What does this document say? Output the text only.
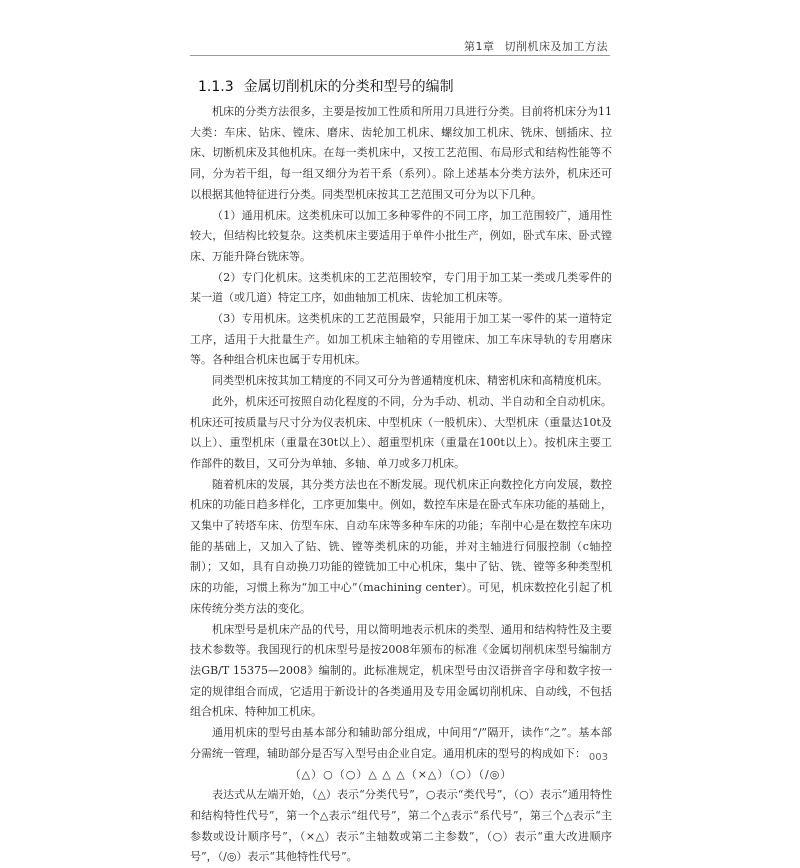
第1章 切削机床及加工方法
1.1.3 金属切削机床的分类和型号的编制

机床的分类方法很多，主要是按加工性质和所用刀具进行分类。目前将机床分为11大类：车床、钻床、镗床、磨床、齿轮加工机床、螺纹加工机床、铣床、刨插床、拉床、切断机床及其他机床。在每一类机床中，又按工艺范围、布局形式和结构性能等不同，分为若干组，每一组又细分为若干系（系列）。除上述基本分类方法外，机床还可以根据其他特征进行分类。同类型机床按其工艺范围又可分为以下几种。

（1）通用机床。这类机床可以加工多种零件的不同工序，加工范围较广，通用性较大，但结构比较复杂。这类机床主要适用于单件小批生产，例如，卧式车床、卧式镗床、万能升降台铣床等。

（2）专门化机床。这类机床的工艺范围较窄，专门用于加工某一类或几类零件的某一道（或几道）特定工序，如曲轴加工机床、齿轮加工机床等。

（3）专用机床。这类机床的工艺范围最窄，只能用于加工某一零件的某一道特定工序，适用于大批量生产。如加工机床主轴箱的专用镗床、加工车床导轨的专用磨床等。各种组合机床也属于专用机床。

同类型机床按其加工精度的不同又可分为普通精度机床、精密机床和高精度机床。

此外，机床还可按照自动化程度的不同，分为手动、机动、半自动和全自动机床。机床还可按质量与尺寸分为仪表机床、中型机床（一般机床）、大型机床（重量达10t及以上）、重型机床（重量在30t以上）、超重型机床（重量在100t以上）。按机床主要工作部件的数目，又可分为单轴、多轴、单刀或多刀机床。

随着机床的发展，其分类方法也在不断发展。现代机床正向数控化方向发展，数控机床的功能日趋多样化，工序更加集中。例如，数控车床是在卧式车床功能的基础上，又集中了转塔车床、仿型车床、自动车床等多种车床的功能；车削中心是在数控车床功能的基础上，又加入了钻、铣、镗等类机床的功能，并对主轴进行伺服控制（c轴控制）；又如，具有自动换刀功能的镗铣加工中心机床，集中了钻、铣、镗等多种类型机床的功能，习惯上称为“加工中心”（machining center）。可见，机床数控化引起了机床传统分类方法的变化。

机床型号是机床产品的代号，用以简明地表示机床的类型、通用和结构特性及主要技术参数等。我国现行的机床型号是按2008年颁布的标准《金属切削机床型号编制方法GB/T 15375—2008》编制的。此标准规定，机床型号由汉语拼音字母和数字按一定的规律组合而成，它适用于新设计的各类通用及专用金属切削机床、自动线，不包括组合机床、特种加工机床。

通用机床的型号由基本部分和辅助部分组成，中间用“/”隔开，读作“之”。基本部分需统一管理，辅助部分是否写入型号由企业自定。通用机床的型号的构成如下：

（△）○（○）△ △ △（×△）（○）（/◎）

表达式从左端开始，（△）表示“分类代号”，○表示“类代号”，（○）表示“通用特性和结构特性代号”，第一个△表示“组代号”，第二个△表示“系代号”，第三个△表示“主参数或设计顺序号”，（×△）表示“主轴数或第二主参数”，（○）表示“重大改进顺序号”，（/◎）表示“其他特性代号”。

003
